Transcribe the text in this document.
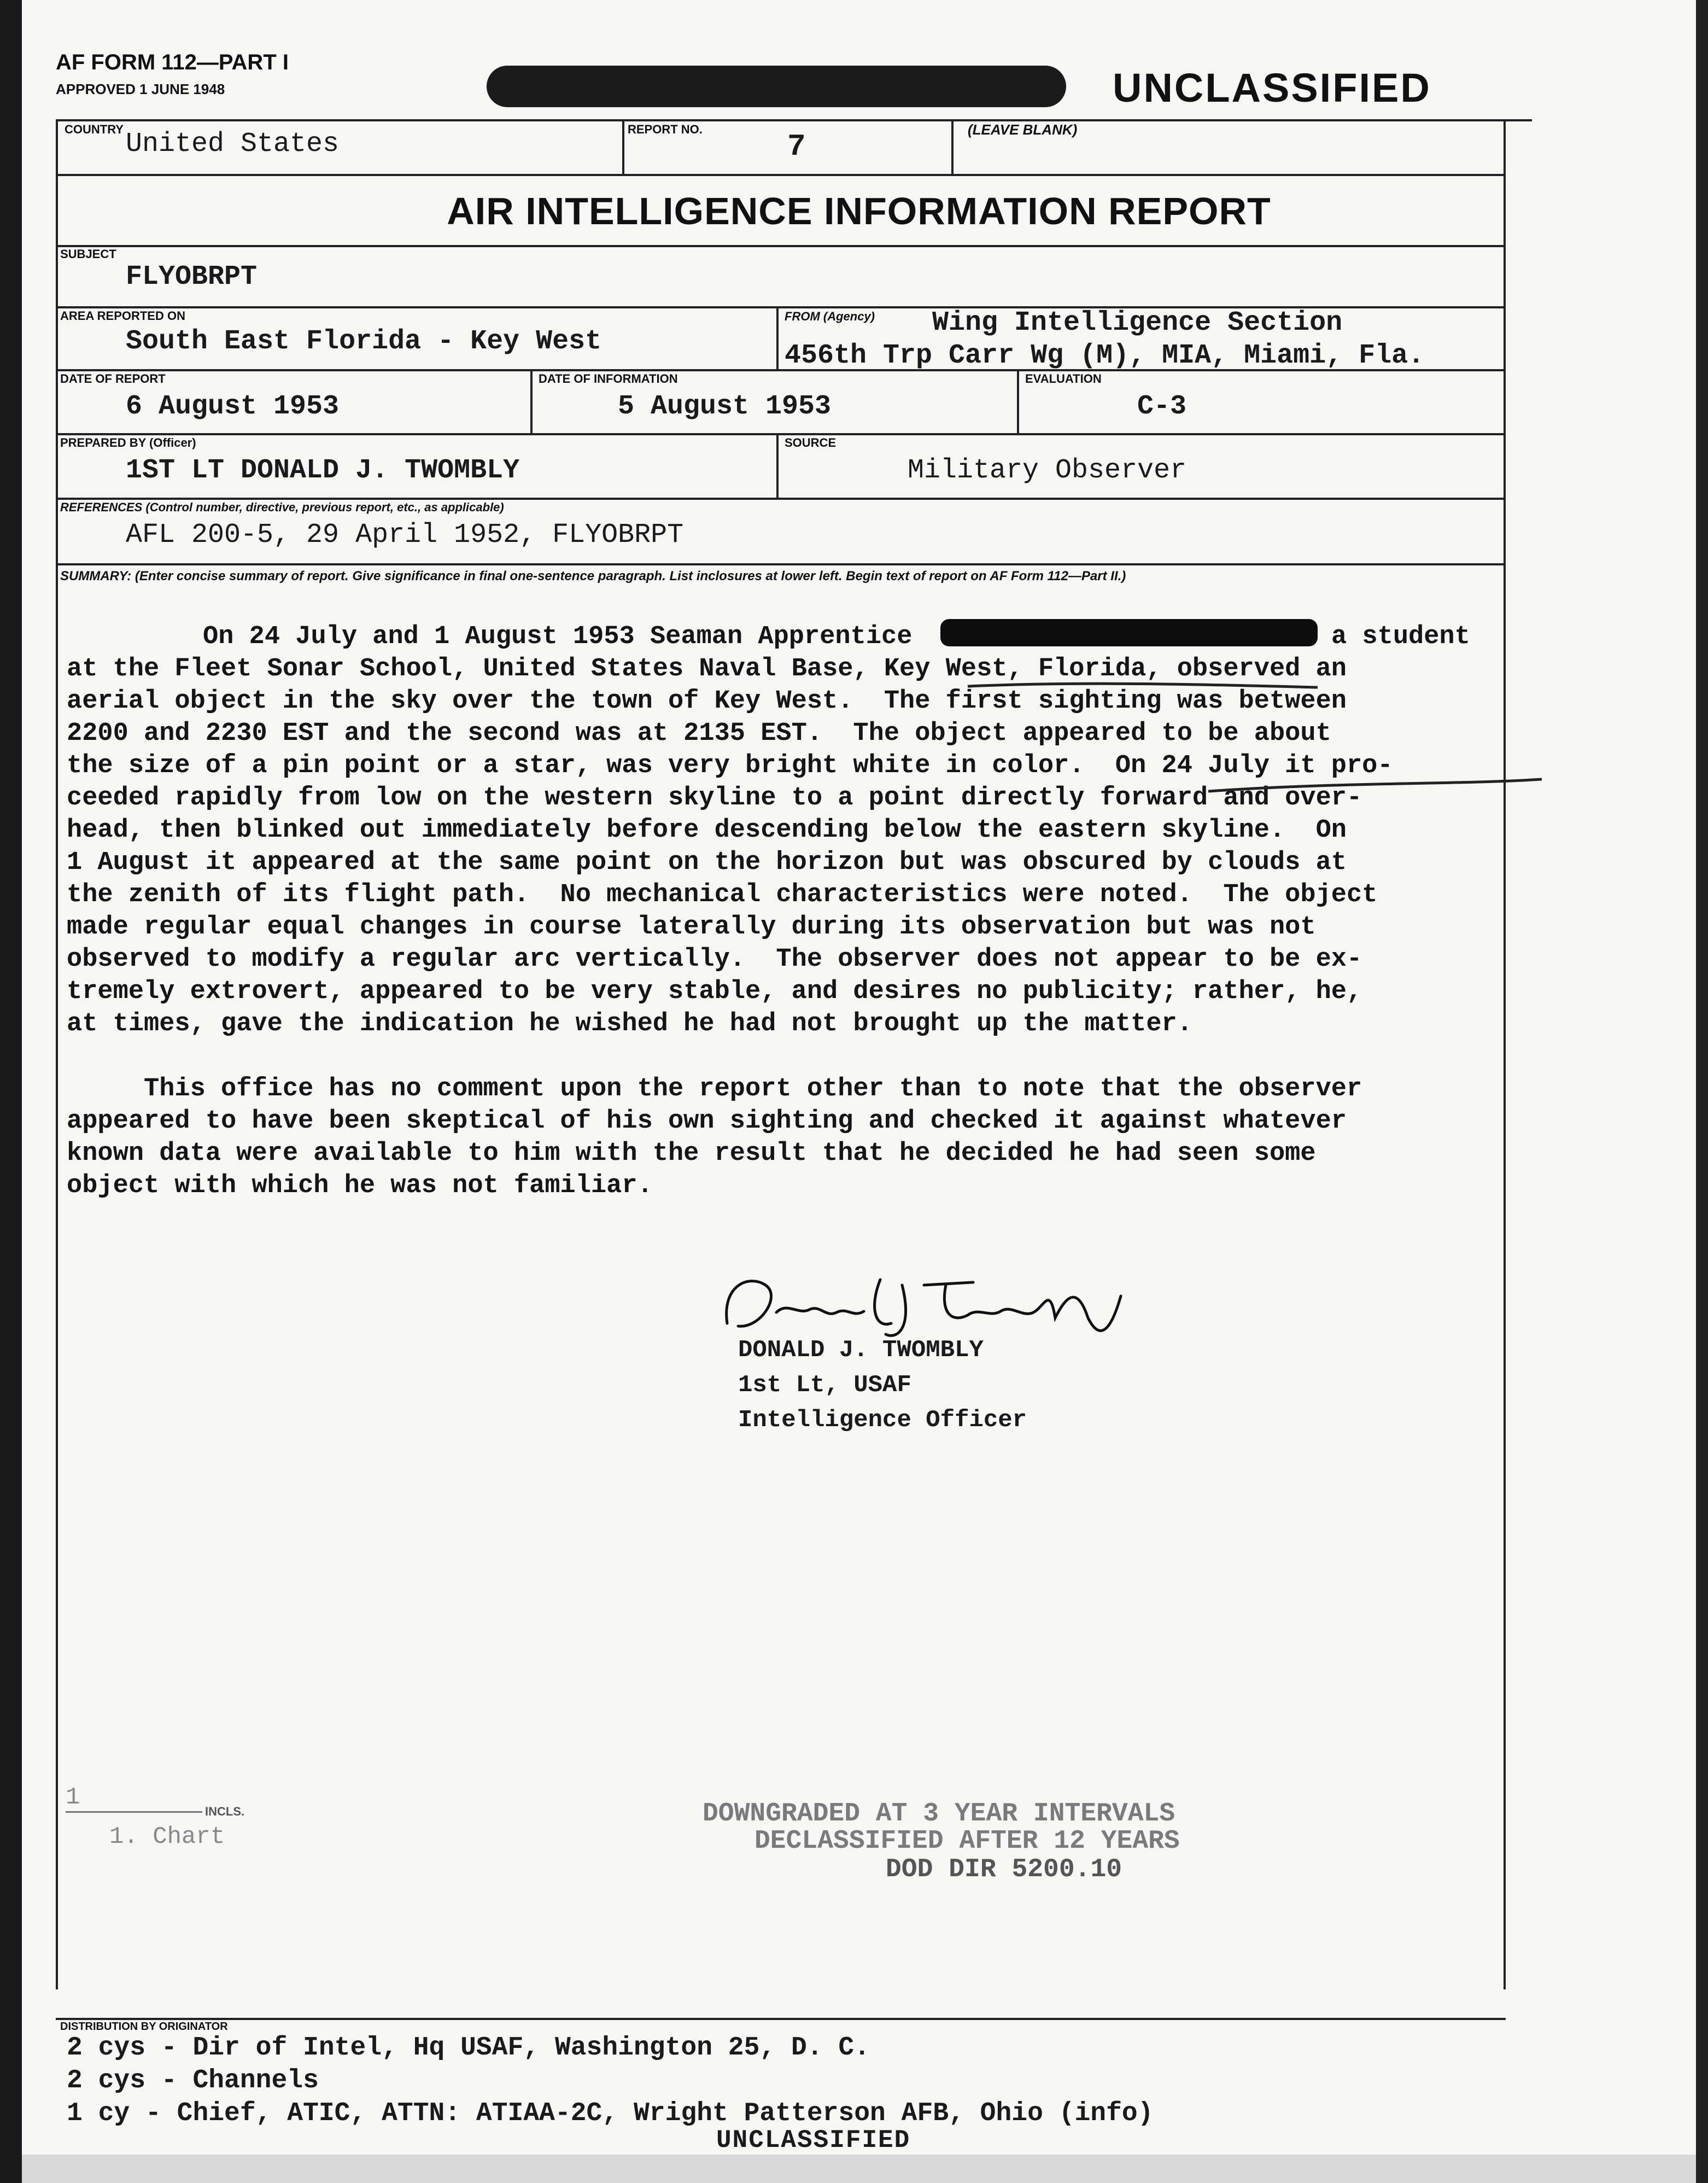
AF FORM 112—PART I
APPROVED 1 JUNE 1948	UNCLASSIFIED
COUNTRY United States	REPORT NO.	7	(LEAVE BLANK)
AIR INTELLIGENCE INFORMATION REPORT
SUBJECT
FLYOBRPT
AREA REPORTED ON
South East Florida - Key West
FROM (Agency) Wing Intelligence Section
456th Trp Carr Wg (M), MIA, Miami, Fla.
DATE OF REPORT
6 August 1953
DATE OF INFORMATION
5 August 1953
EVALUATION
C-3
PREPARED BY (Officer)
1ST LT DONALD J. TWOMBLY
SOURCE
Military Observer
REFERENCES (Control number, directive, previous report, etc., as applicable)
AFL 200-5, 29 April 1952, FLYOBRPT
SUMMARY: (Enter concise summary of report. Give significance in final one-sentence paragraph. List inclosures at lower left. Begin text of report on AF Form 112—Part II.)
On 24 July and 1 August 1953 Seaman Apprentice	a student
at the Fleet Sonar School, United States Naval Base, Key West, Florida, observed an
aerial object in the sky over the town of Key West.  The first sighting was between
2200 and 2230 EST and the second was at 2135 EST.  The object appeared to be about
the size of a pin point or a star, was very bright white in color.  On 24 July it pro-
ceeded rapidly from low on the western skyline to a point directly forward and over-
head, then blinked out immediately before descending below the eastern skyline.  On
1 August it appeared at the same point on the horizon but was obscured by clouds at
the zenith of its flight path.  No mechanical characteristics were noted.  The object
made regular equal changes in course laterally during its observation but was not
observed to modify a regular arc vertically.  The observer does not appear to be ex-
tremely extrovert, appeared to be very stable, and desires no publicity; rather, he,
at times, gave the indication he wished he had not brought up the matter.
This office has no comment upon the report other than to note that the observer
appeared to have been skeptical of his own sighting and checked it against whatever
known data were available to him with the result that he decided he had seen some
object with which he was not familiar.
DONALD J. TWOMBLY
1st Lt, USAF
Intelligence Officer
1
INCLS.
1. Chart
DOWNGRADED AT 3 YEAR INTERVALS
DECLASSIFIED AFTER 12 YEARS
DOD DIR 5200.10
DISTRIBUTION BY ORIGINATOR
2 cys - Dir of Intel, Hq USAF, Washington 25, D. C.
2 cys - Channels
1 cy - Chief, ATIC, ATTN: ATIAA-2C, Wright Patterson AFB, Ohio (info)
UNCLASSIFIED
